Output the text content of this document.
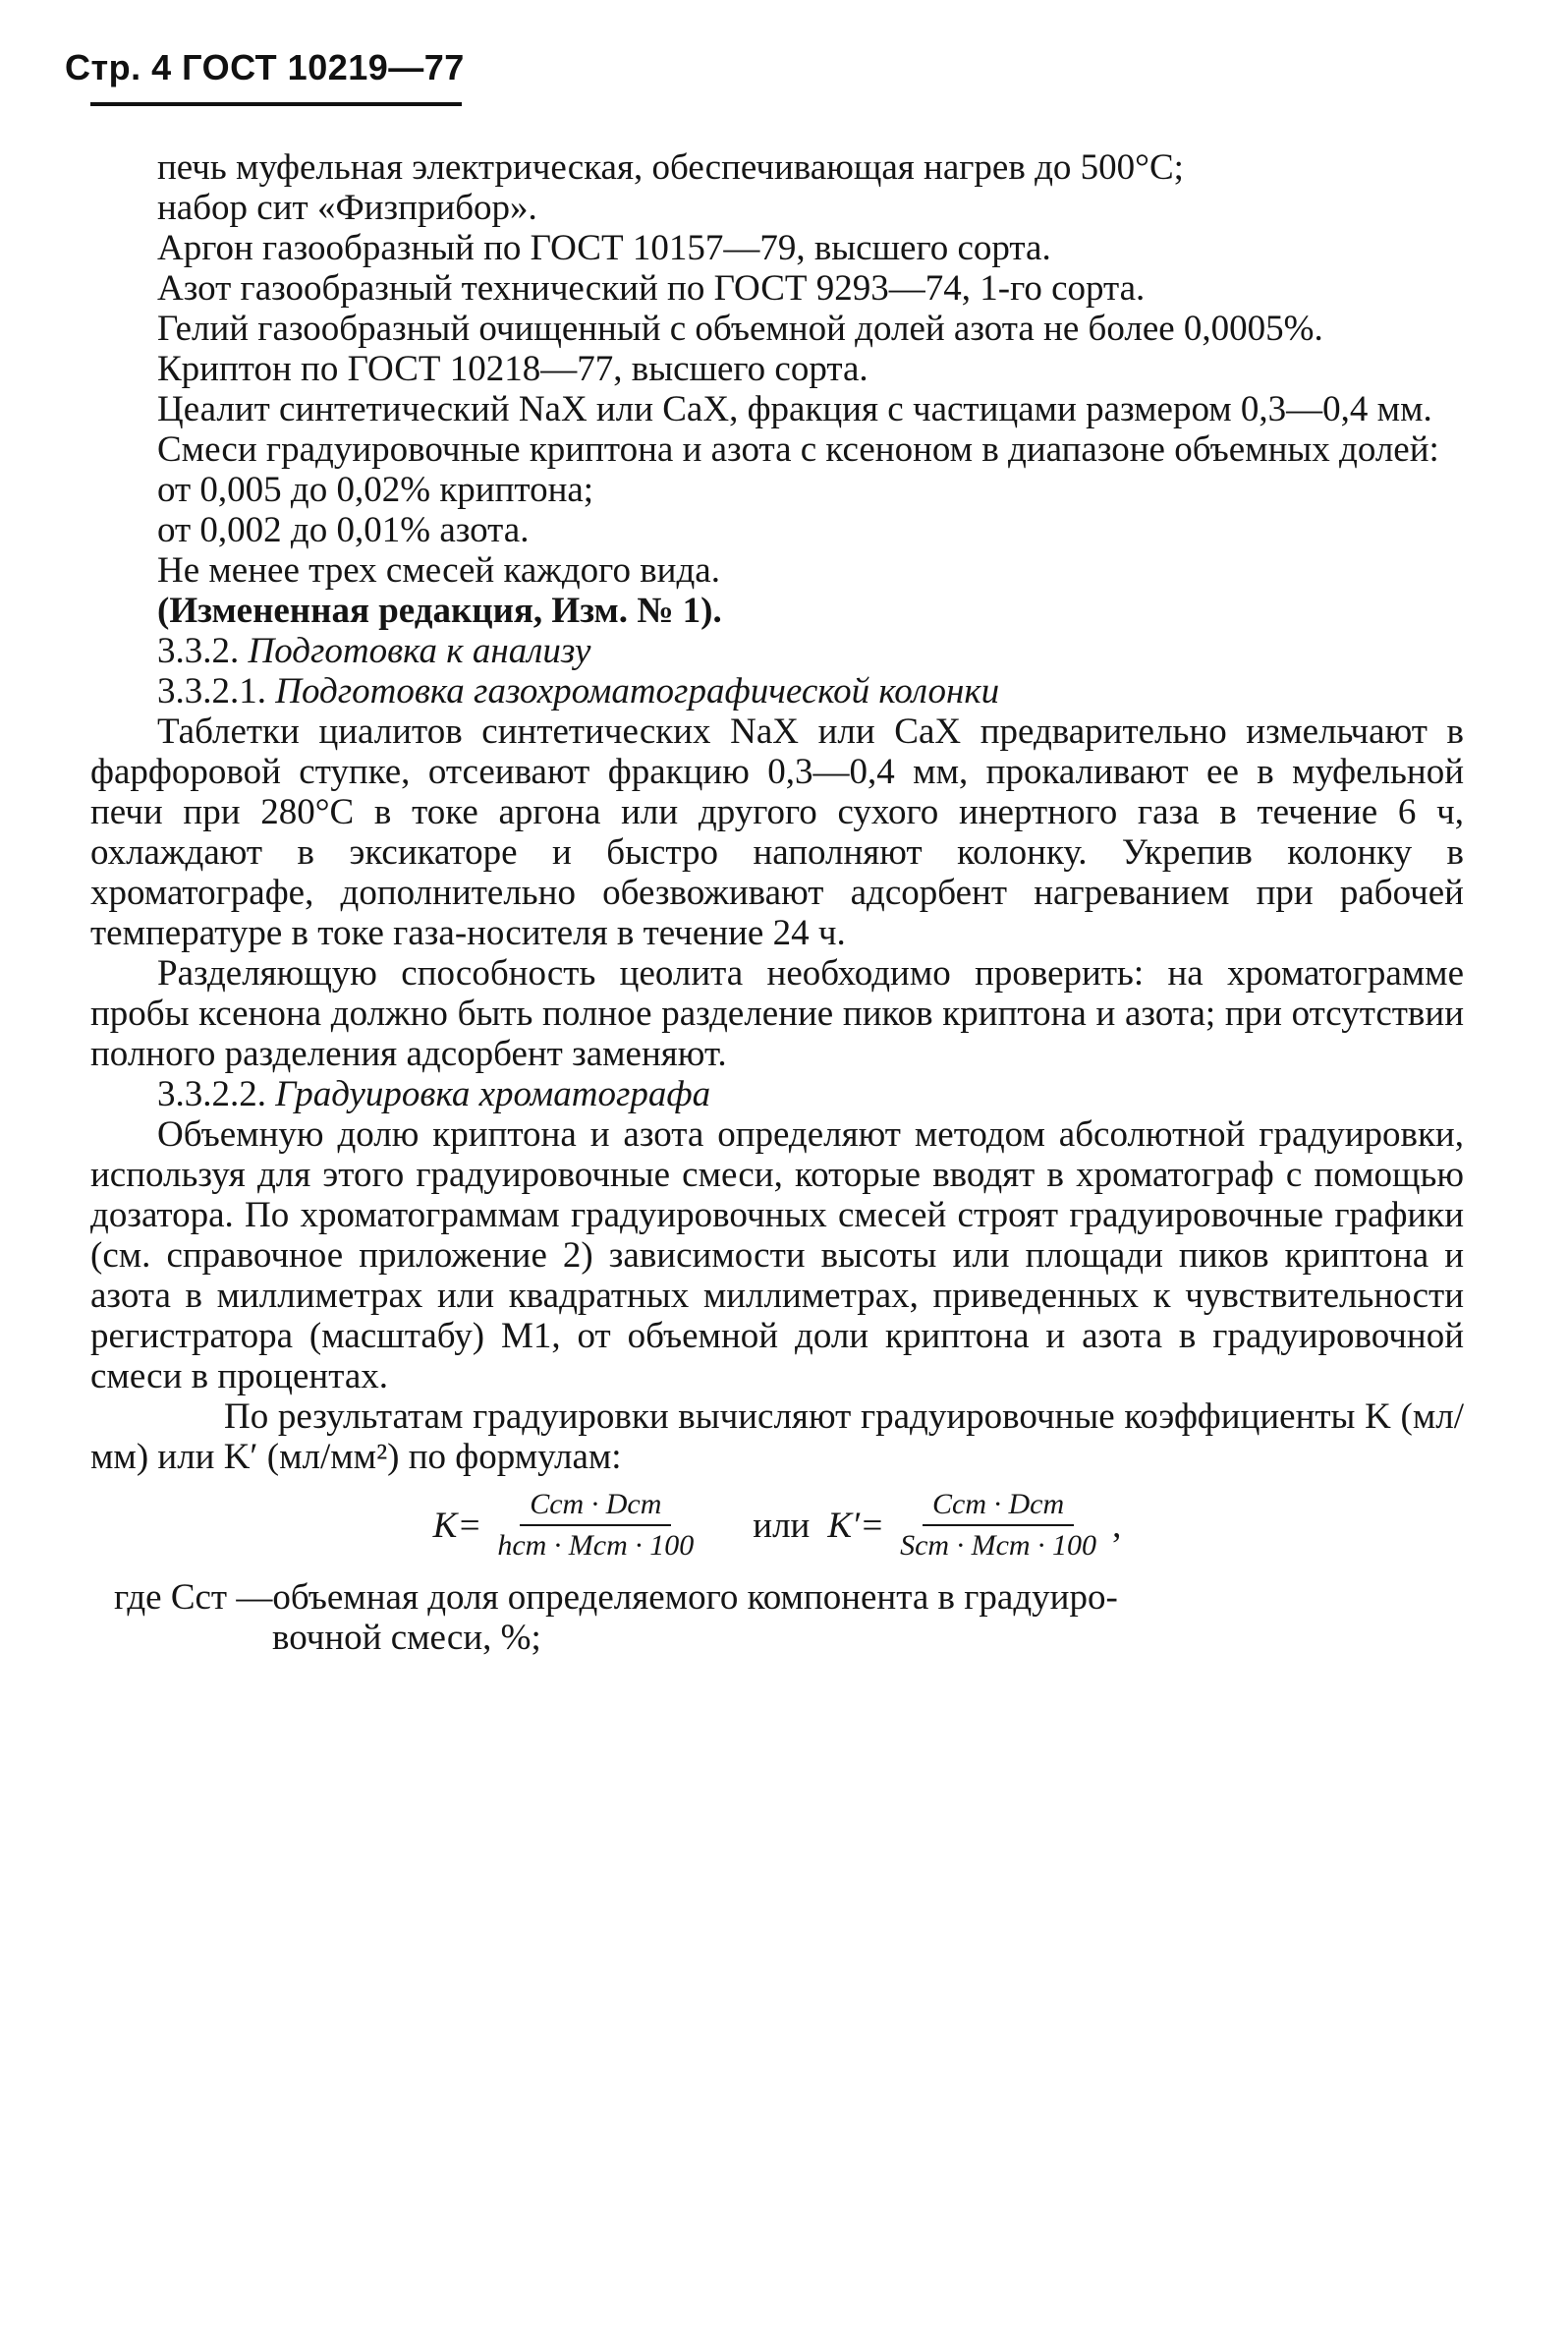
Стр. 4 ГОСТ 10219—77

печь муфельная электрическая, обеспечивающая нагрев до 500°С;

набор сит «Физприбор».

Аргон газообразный по ГОСТ 10157—79, высшего сорта.

Азот газообразный технический по ГОСТ 9293—74, 1-го сорта.

Гелий газообразный очищенный с объемной долей азота не более 0,0005%.

Криптон по ГОСТ 10218—77, высшего сорта.

Цеалит синтетический NaX или CaX, фракция с частицами размером 0,3—0,4 мм.

Смеси градуировочные криптона и азота с ксеноном в диапазоне объемных долей:

от 0,005 до 0,02% криптона;

от 0,002 до 0,01% азота.

Не менее трех смесей каждого вида.

(Измененная редакция, Изм. № 1).

3.3.2. Подготовка к анализу

3.3.2.1. Подготовка газохроматографической колонки

Таблетки циалитов синтетических NaX или CaX предварительно измельчают в фарфоровой ступке, отсеивают фракцию 0,3—0,4 мм, прокаливают ее в муфельной печи при 280°С в токе аргона или другого сухого инертного газа в течение 6 ч, охлаждают в эксикаторе и быстро наполняют колонку. Укрепив колонку в хроматографе, дополнительно обезвоживают адсорбент нагреванием при рабочей температуре в токе газа-носителя в течение 24 ч.

Разделяющую способность цеолита необходимо проверить: на хроматограмме пробы ксенона должно быть полное разделение пиков криптона и азота; при отсутствии полного разделения адсорбент заменяют.

3.3.2.2. Градуировка хроматографа

Объемную долю криптона и азота определяют методом абсолютной градуировки, используя для этого градуировочные смеси, которые вводят в хроматограф с помощью дозатора. По хроматограммам градуировочных смесей строят градуировочные графики (см. справочное приложение 2) зависимости высоты или площади пиков криптона и азота в миллиметрах или квадратных миллиметрах, приведенных к чувствительности регистратора (масштабу) M1, от объемной доли криптона и азота в градуировочной смеси в процентах.

По результатам градуировки вычисляют градуировочные коэффициенты K (мл/мм) или K′ (мл/мм²) по формулам:

$K= \frac{\text{Cст · Dст}}{\text{hст · Mст · 100}}$ или $K'= \frac{\text{Cст · Dст}}{\text{Sст · Mст · 100}}$ ,
где Cст —объемная доля определяемого компонента в градуиро-
вочной смеси, %;
